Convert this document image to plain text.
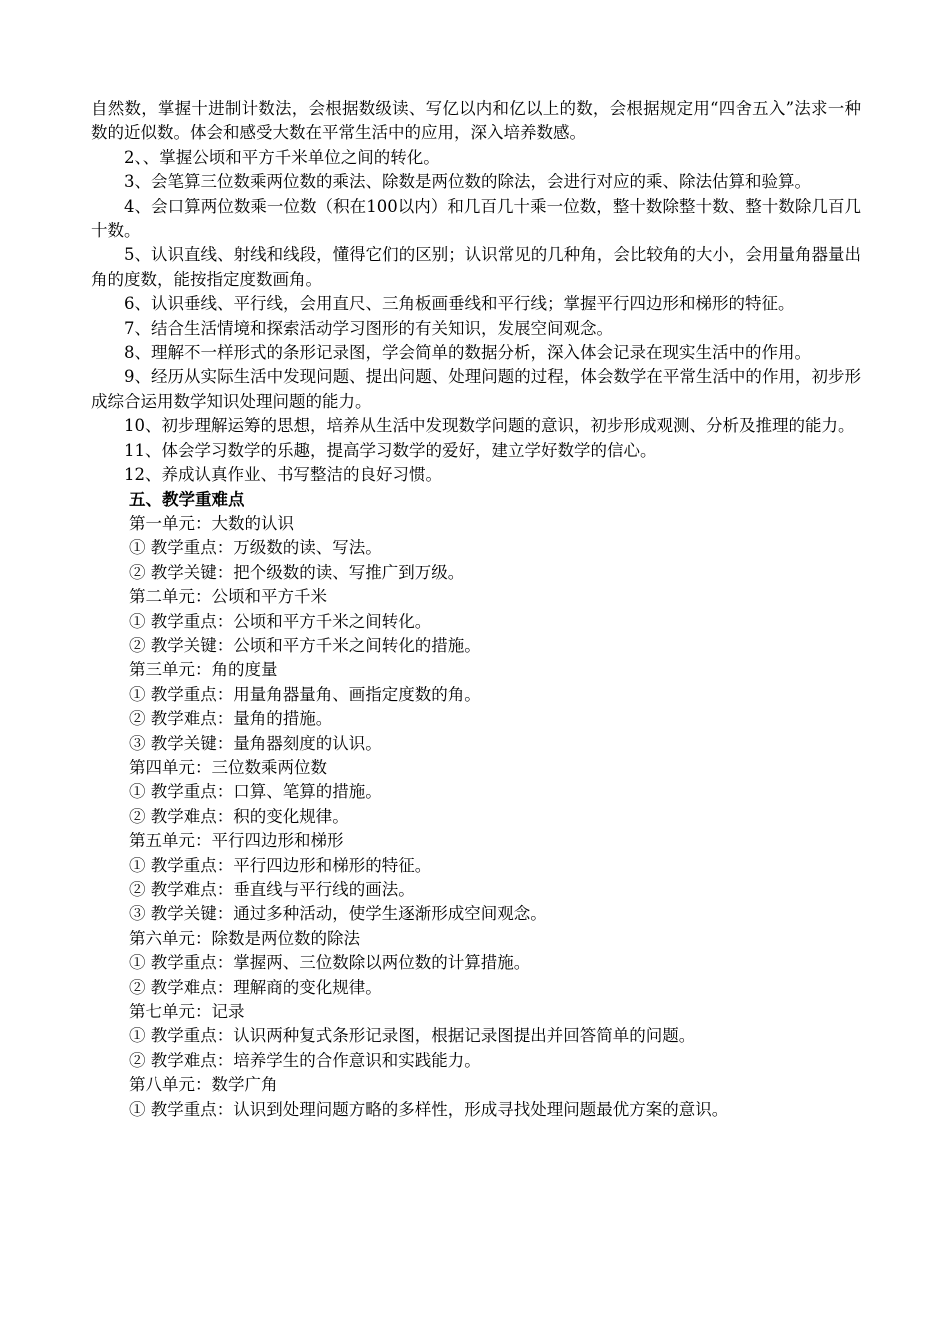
自然数，掌握十进制计数法，会根据数级读、写亿以内和亿以上的数，会根据规定用“四舍五入”法求一种数的近似数。体会和感受大数在平常生活中的应用，深入培养数感。

2、、掌握公顷和平方千米单位之间的转化。

3、会笔算三位数乘两位数的乘法、除数是两位数的除法，会进行对应的乘、除法估算和验算。

4、会口算两位数乘一位数（积在100以内）和几百几十乘一位数，整十数除整十数、整十数除几百几十数。

5、认识直线、射线和线段，懂得它们的区别；认识常见的几种角，会比较角的大小，会用量角器量出角的度数，能按指定度数画角。

6、认识垂线、平行线，会用直尺、三角板画垂线和平行线；掌握平行四边形和梯形的特征。

7、结合生活情境和探索活动学习图形的有关知识，发展空间观念。

8、理解不一样形式的条形记录图，学会简单的数据分析，深入体会记录在现实生活中的作用。

9、经历从实际生活中发现问题、提出问题、处理问题的过程，体会数学在平常生活中的作用，初步形成综合运用数学知识处理问题的能力。

10、初步理解运筹的思想，培养从生活中发现数学问题的意识，初步形成观测、分析及推理的能力。

11、体会学习数学的乐趣，提高学习数学的爱好，建立学好数学的信心。

12、养成认真作业、书写整洁的良好习惯。

五、教学重难点

第一单元：大数的认识

① 教学重点：万级数的读、写法。

② 教学关键：把个级数的读、写推广到万级。

第二单元：公顷和平方千米

① 教学重点：公顷和平方千米之间转化。

② 教学关键：公顷和平方千米之间转化的措施。

第三单元：角的度量

① 教学重点：用量角器量角、画指定度数的角。

② 教学难点：量角的措施。

③ 教学关键：量角器刻度的认识。

第四单元：三位数乘两位数

① 教学重点：口算、笔算的措施。

② 教学难点：积的变化规律。

第五单元：平行四边形和梯形

① 教学重点：平行四边形和梯形的特征。

② 教学难点：垂直线与平行线的画法。

③ 教学关键：通过多种活动，使学生逐渐形成空间观念。

第六单元：除数是两位数的除法

① 教学重点：掌握两、三位数除以两位数的计算措施。

② 教学难点：理解商的变化规律。

第七单元：记录

① 教学重点：认识两种复式条形记录图，根据记录图提出并回答简单的问题。

② 教学难点：培养学生的合作意识和实践能力。

第八单元：数学广角

① 教学重点：认识到处理问题方略的多样性，形成寻找处理问题最优方案的意识。
